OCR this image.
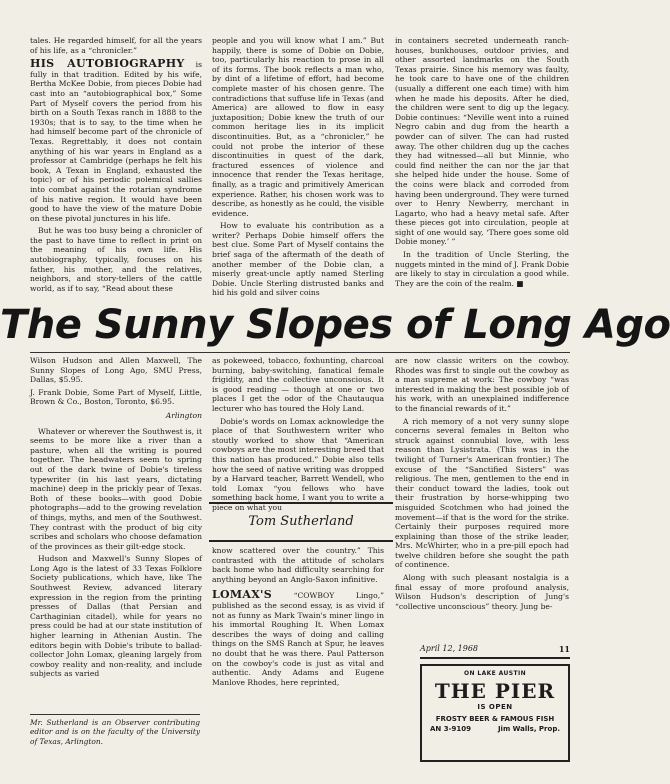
tales. He regarded himself, for all the years of his life, as a “chronicler.”

HIS AUTOBIOGRAPHY is fully in that tradition. Edited by his wife, Bertha McKee Dobie, from pieces Dobie had cast into an “autobiographical box,” Some Part of Myself covers the period from his birth on a South Texas ranch in 1888 to the 1930s; that is to say, to the time when he had himself become part of the chronicle of Texas. Regrettably, it does not contain anything of his war years in England as a professor at Cambridge (perhaps he felt his book, A Texan in England, exhausted the topic) or of his periodic polemical sallies into combat against the rotarian syndrome of his native region. It would have been good to have the view of the mature Dobie on these pivotal junctures in his life.

But he was too busy being a chronicler of the past to have time to reflect in print on the meaning of his own life. His autobiography, typically, focuses on his father, his mother, and the relatives, neighbors, and story-tellers of the cattle world, as if to say, “Read about these

people and you will know what I am.” But happily, there is some of Dobie on Dobie, too, particularly his reaction to prose in all of its forms. The book reflects a man who, by dint of a lifetime of effort, had become complete master of his chosen genre. The contradictions that suffuse life in Texas (and America) are allowed to flow in easy juxtaposition; Dobie knew the truth of our common heritage lies in its implicit discontinuities. But, as a “chronicler,” he could not probe the interior of these discontinuities in quest of the dark, fractured essences of violence and innocence that render the Texas heritage, finally, as a tragic and primitively American experience. Rather, his chosen work was to describe, as honestly as he could, the visible evidence.

How to evaluate his contribution as a writer? Perhaps Dobie himself offers the best clue. Some Part of Myself contains the brief saga of the aftermath of the death of another member of the Dobie clan, a miserly great-uncle aptly named Sterling Dobie. Uncle Sterling distrusted banks and hid his gold and silver coins

in containers secreted underneath ranch-houses, bunkhouses, outdoor privies, and other assorted landmarks on the South Texas prairie. Since his memory was faulty, he took care to have one of the children (usually a different one each time) with him when he made his deposits. After he died, the children were sent to dig up the legacy. Dobie continues: “Neville went into a ruined Negro cabin and dug from the hearth a powder can of silver. The can had rusted away. The other children dug up the caches they had witnessed—all but Minnie, who could find neither the can nor the jar that she helped hide under the house. Some of the coins were black and corroded from having been underground. They were turned over to Henry Newberry, merchant in Lagarto, who had a heavy metal safe. After these pieces got into circulation, people at sight of one would say, ‘There goes some old Dobie money.’ ”

In the tradition of Uncle Sterling, the nuggets minted in the mind of J. Frank Dobie are likely to stay in circulation a good while. They are the coin of the realm. ■

The Sunny Slopes of Long Ago

Wilson Hudson and Allen Maxwell, The Sunny Slopes of Long Ago, SMU Press, Dallas, $5.95.

J. Frank Dobie, Some Part of Myself, Little, Brown & Co., Boston, Toronto, $6.95.

Arlington

Whatever or wherever the Southwest is, it seems to be more like a river than a pasture, when all the writing is poured together. The headwaters seem to spring out of the dark twine of Dobie's tireless typewriter (in his last years, dictating machine) deep in the prickly pear of Texas. Both of these books—with good Dobie photographs—add to the growing revelation of things, myths, and men of the Southwest. They contrast with the product of big city scribes and scholars who choose defamation of the provinces as their gilt-edge stock.

Hudson and Maxwell's Sunny Slopes of Long Ago is the latest of 33 Texas Folklore Society publications, which have, like The Southwest Review, advanced literary expression in the region from the printing presses of Dallas (that Persian and Carthaginian citadel), while for years no press could be had at our state institution of higher learning in Athenian Austin. The editors begin with Dobie's tribute to ballad-collector John Lomax, gleaning largely from cowboy reality and non-reality, and include subjects as varied

Mr. Sutherland is an Observer contributing editor and is on the faculty of the University of Texas, Arlington.

as pokeweed, tobacco, foxhunting, charcoal burning, baby-switching, fanatical female frigidity, and the collective unconscious. It is good reading — though at one or two places I get the odor of the Chautauqua lecturer who has toured the Holy Land.

Dobie's words on Lomax acknowledge the place of that Southwestern writer who stoutly worked to show that “American cowboys are the most interesting breed that this nation has produced.” Dobie also tells how the seed of native writing was dropped by a Harvard teacher, Barrett Wendell, who told Lomax “you fellows who have something back home, I want you to write a piece on what you

Tom Sutherland

know scattered over the country.” This contrasted with the attitude of scholars back home who had difficulty searching for anything beyond an Anglo-Saxon infinitive.

LOMAX'S “COWBOY Lingo,” published as the second essay, is as vivid if not as funny as Mark Twain's miner lingo in his immortal Roughing It. When Lomax describes the ways of doing and calling things on the SMS Ranch at Spur, he leaves no doubt that he was there. Paul Patterson on the cowboy's code is just as vital and authentic. Andy Adams and Eugene Manlove Rhodes, here reprinted,

are now classic writers on the cowboy. Rhodes was first to single out the cowboy as a man supreme at work: The cowboy “was interested in making the best possible job of his work, with an unexplained indifference to the financial rewards of it.”

A rich memory of a not very sunny slope concerns several females in Belton who struck against connubial love, with less reason than Lysistrata. (This was in the twilight of Turner's American frontier.) The excuse of the “Sanctified Sisters” was religious. The men, gentlemen to the end in their conduct toward the ladies, took out their frustration by horse-whipping two misguided Scotchmen who had joined the movement—if that is the word for the strike. Certainly their purposes required more explaining than those of the strike leader, Mrs. McWhirter, who in a pre-pill epoch had twelve children before she sought the path of continence.

Along with such pleasant nostalgia is a final essay of more profound analysis, Wilson Hudson's description of Jung's “collective unconscious” theory. Jung be-

April 12, 1968	11
ON LAKE AUSTIN
THE PIER
IS OPEN
FROSTY BEER & FAMOUS FISH
AN 3-9109	Jim Walls, Prop.
